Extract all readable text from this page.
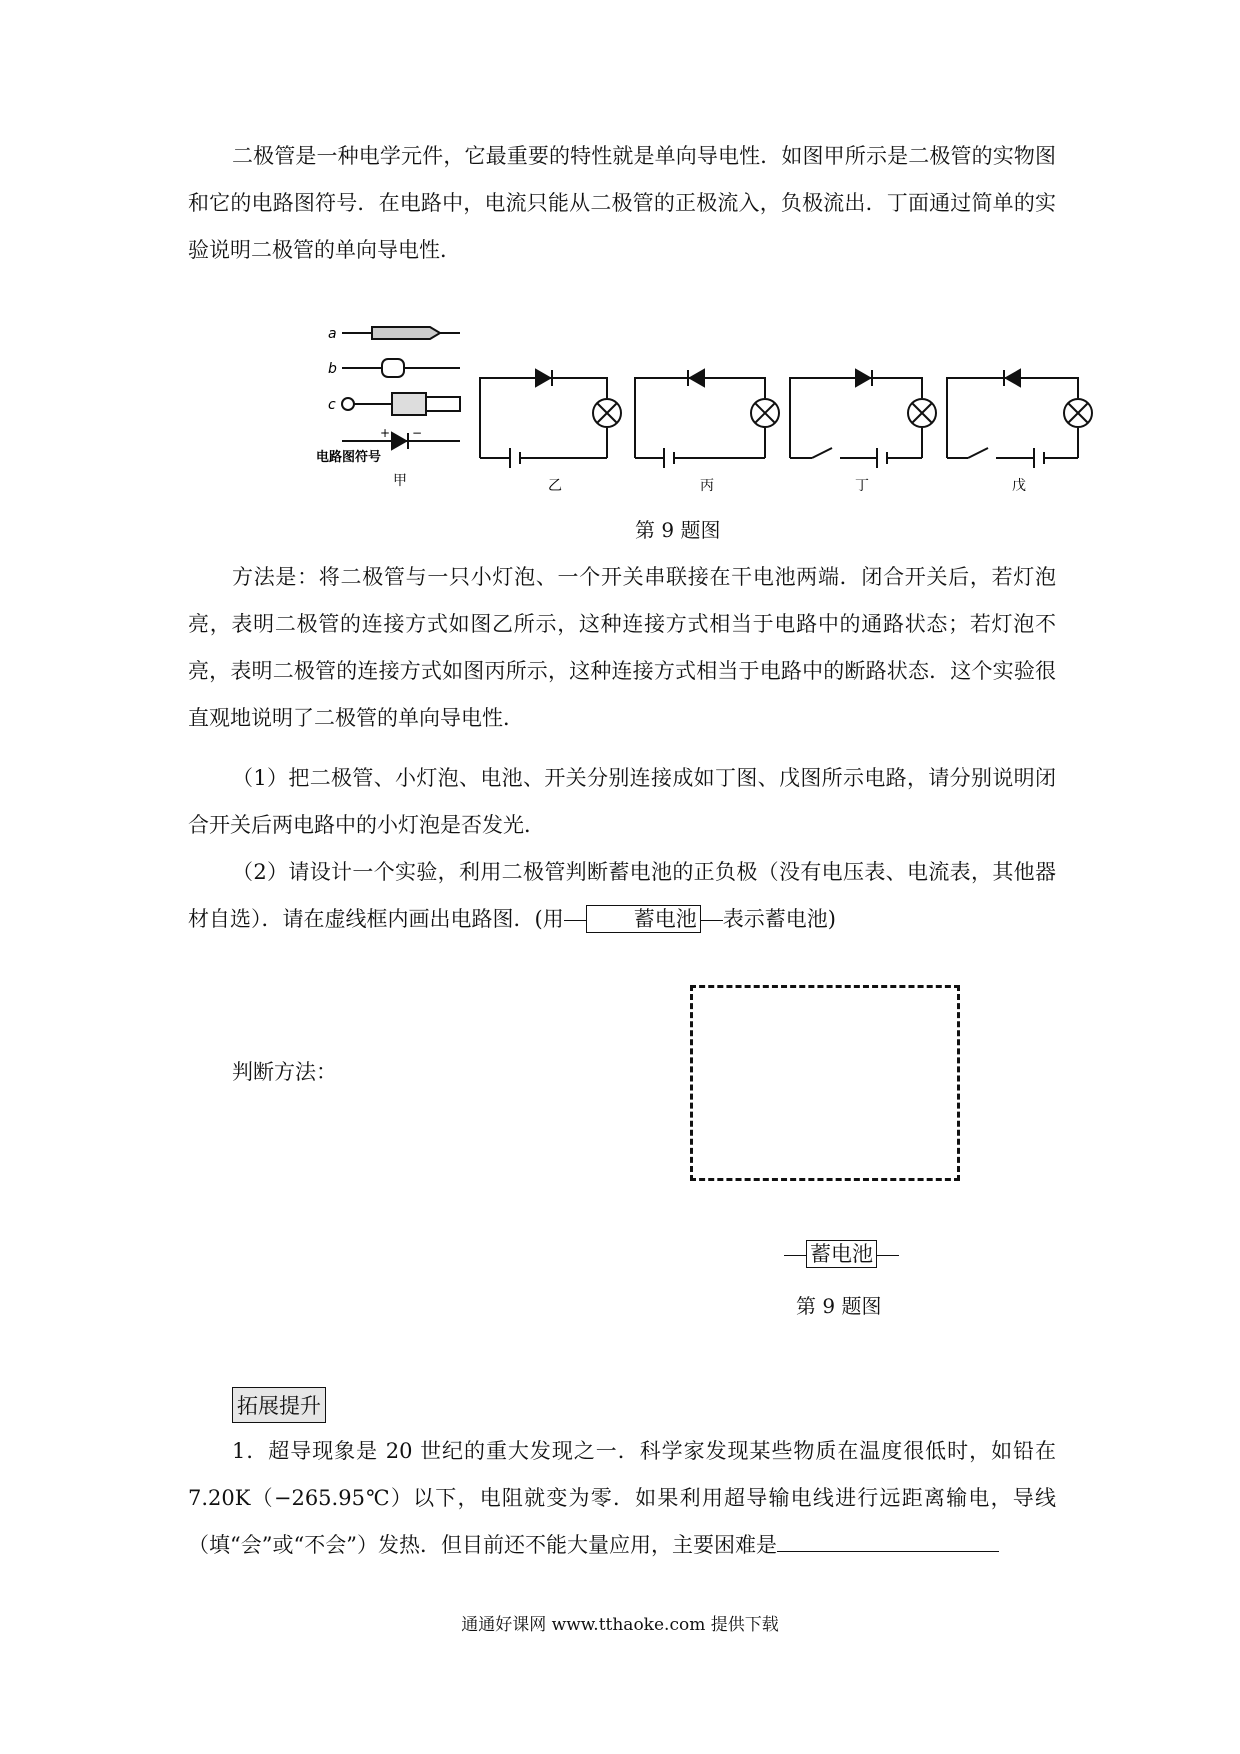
二极管是一种电学元件，它最重要的特性就是单向导电性．如图甲所示是二极管的实物图和它的电路图符号．在电路中，电流只能从二极管的正极流入，负极流出．丁面通过简单的实验说明二极管的单向导电性．

a
b
c
+ −
电路图符号
甲	乙	丙	丁	戊
第 9 题图

方法是：将二极管与一只小灯泡、一个开关串联接在干电池两端．闭合开关后，若灯泡亮，表明二极管的连接方式如图乙所示，这种连接方式相当于电路中的通路状态；若灯泡不亮，表明二极管的连接方式如图丙所示，这种连接方式相当于电路中的断路状态．这个实验很直观地说明了二极管的单向导电性．

（1）把二极管、小灯泡、电池、开关分别连接成如丁图、戊图所示电路，请分别说明闭合开关后两电路中的小灯泡是否发光．

（2）请设计一个实验，利用二极管判断蓄电池的正负极（没有电压表、电流表，其他器材自选）．请在虚线框内画出电路图．(用	蓄电池 表示蓄电池)

判断方法：
蓄电池
第 9 题图
拓展提升

1．超导现象是 20 世纪的重大发现之一．科学家发现某些物质在温度很低时，如铅在 7.20K（−265.95℃）以下，电阻就变为零．如果利用超导输电线进行远距离输电，导线（填“会”或“不会”）发热．但目前还不能大量应用，主要困难是

通通好课网 www.tthaoke.com 提供下载
